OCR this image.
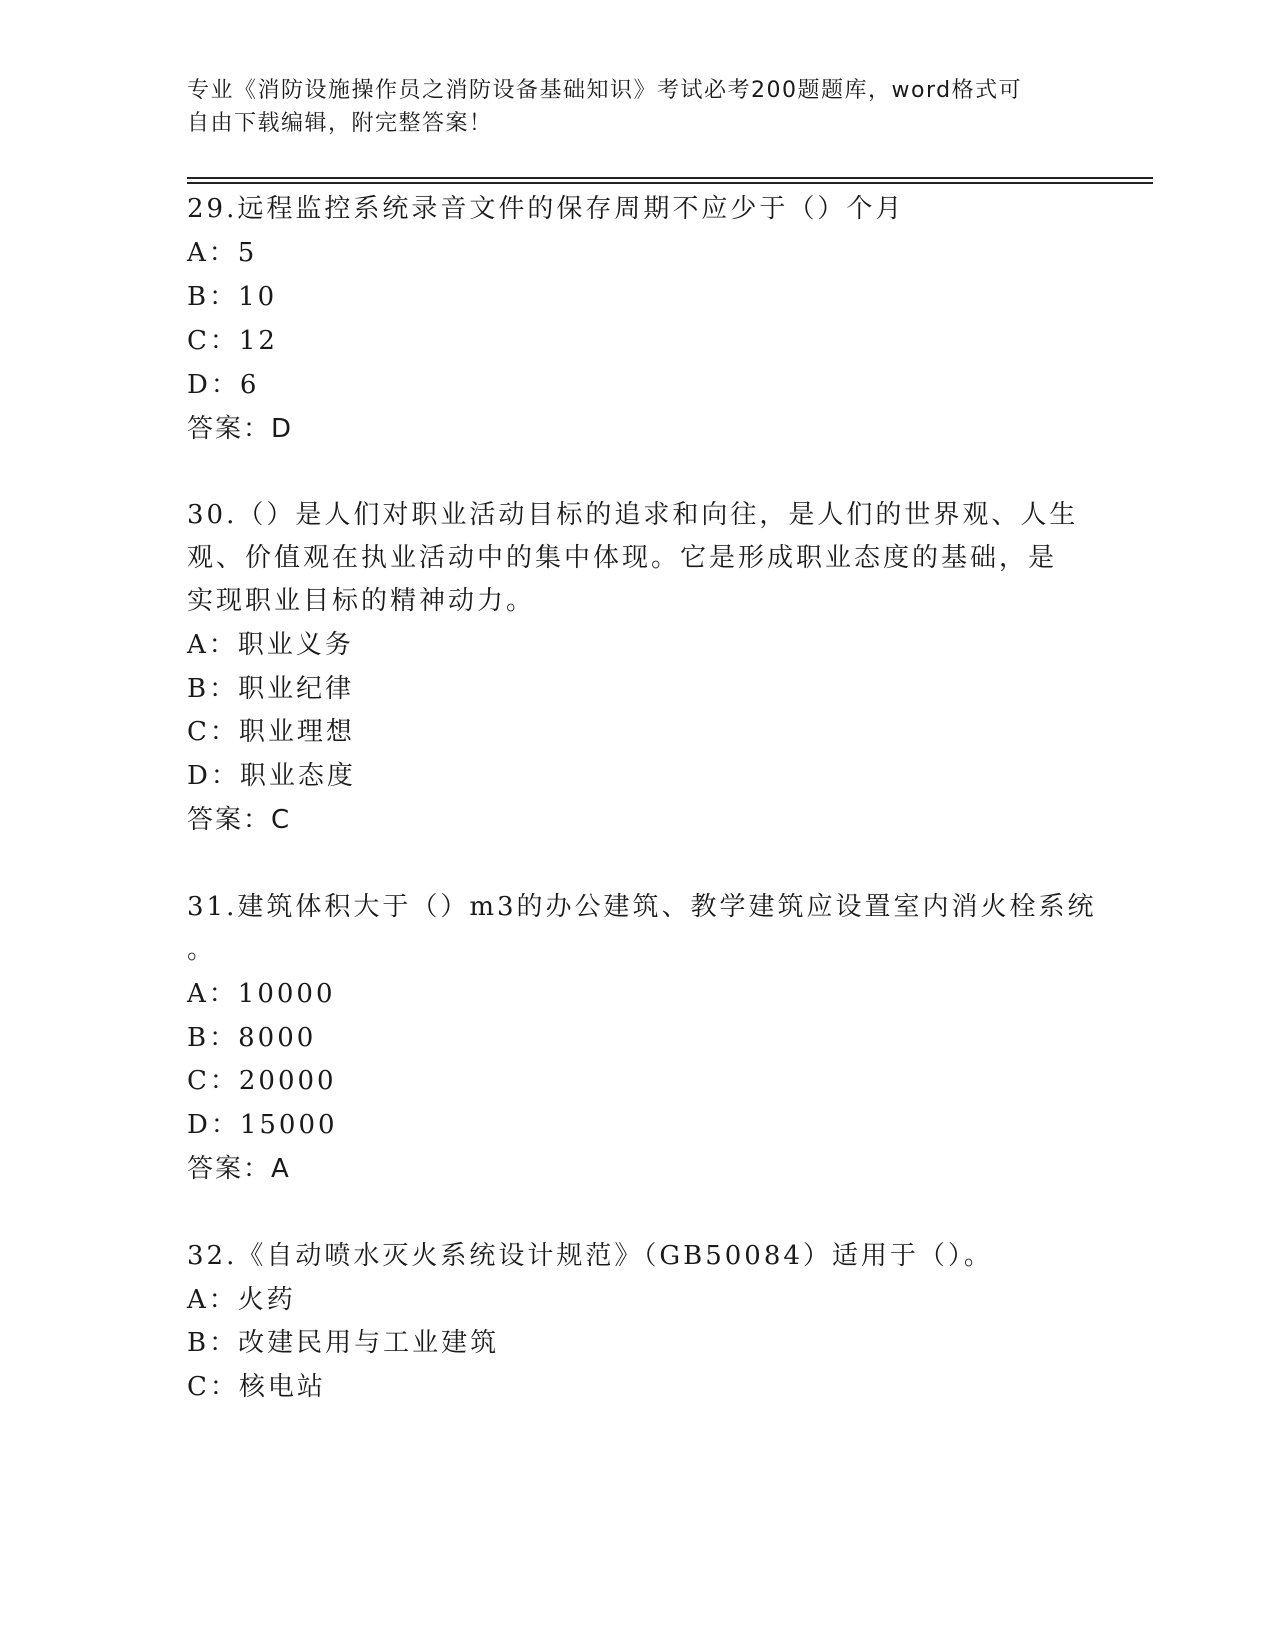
专业《消防设施操作员之消防设备基础知识》考试必考200题题库，word格式可
自由下载编辑，附完整答案！
29.远程监控系统录音文件的保存周期不应少于（）个月
A：5
B：10
C：12
D：6
答案：D
30.（）是人们对职业活动目标的追求和向往，是人们的世界观、人生
观、价值观在执业活动中的集中体现。它是形成职业态度的基础，是
实现职业目标的精神动力。
A：职业义务
B：职业纪律
C：职业理想
D：职业态度
答案：C
31.建筑体积大于（）m3的办公建筑、教学建筑应设置室内消火栓系统
。
A：10000
B：8000
C：20000
D：15000
答案：A
32.《自动喷水灭火系统设计规范》（GB50084）适用于（）。
A：火药
B：改建民用与工业建筑
C：核电站
